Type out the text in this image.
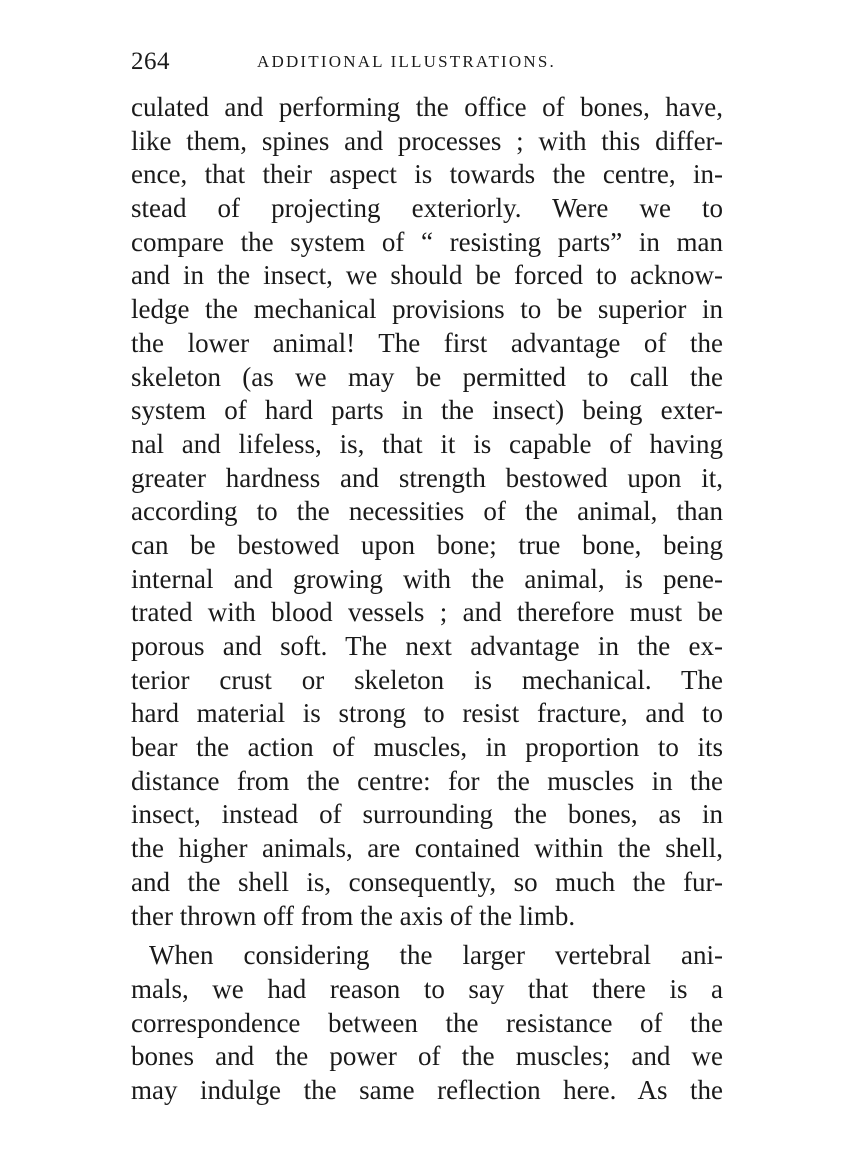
264	ADDITIONAL ILLUSTRATIONS.
culated and performing the office of bones, have,
like them, spines and processes ; with this differ-
ence, that their aspect is towards the centre, in-
stead of projecting exteriorly. Were we to
compare the system of “ resisting parts” in man
and in the insect, we should be forced to acknow-
ledge the mechanical provisions to be superior in
the lower animal! The first advantage of the
skeleton (as we may be permitted to call the
system of hard parts in the insect) being exter-
nal and lifeless, is, that it is capable of having
greater hardness and strength bestowed upon it,
according to the necessities of the animal, than
can be bestowed upon bone; true bone, being
internal and growing with the animal, is pene-
trated with blood vessels ; and therefore must be
porous and soft. The next advantage in the ex-
terior crust or skeleton is mechanical. The
hard material is strong to resist fracture, and to
bear the action of muscles, in proportion to its
distance from the centre: for the muscles in the
insect, instead of surrounding the bones, as in
the higher animals, are contained within the shell,
and the shell is, consequently, so much the fur-
ther thrown off from the axis of the limb.
When considering the larger vertebral ani-
mals, we had reason to say that there is a
correspondence between the resistance of the
bones and the power of the muscles; and we
may indulge the same reflection here. As the
